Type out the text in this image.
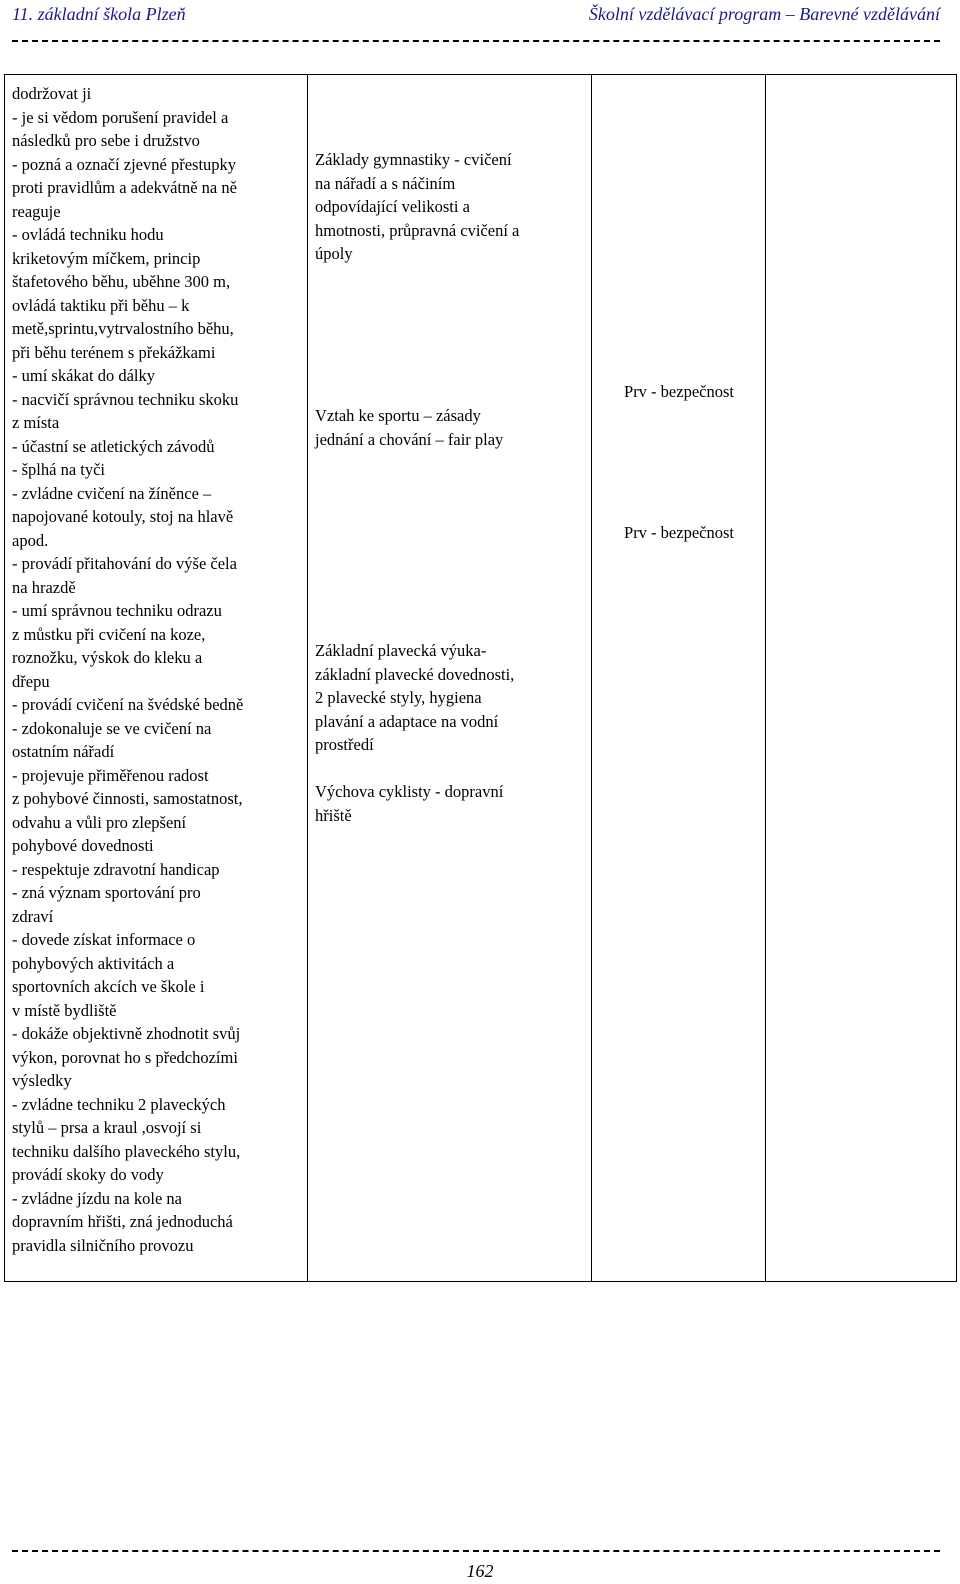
11. základní škola Plzeň	Školní vzdělávací program – Barevné vzdělávání
dodržovat ji
- je si vědom porušení pravidel a
následků pro sebe i družstvo
- pozná a označí zjevné přestupky
proti pravidlům a adekvátně na ně
reaguje
- ovládá techniku hodu
kriketovým míčkem, princip
štafetového běhu, uběhne 300 m,
ovládá taktiku při běhu – k
metě,sprintu,vytrvalostního běhu,
při běhu terénem s překážkami
- umí skákat do dálky
- nacvičí správnou techniku skoku
z místa
- účastní se atletických závodů
- šplhá na tyči
- zvládne cvičení na žíněnce –
napojované kotouly, stoj na hlavě
apod.
- provádí přitahování do výše čela
na hrazdě
- umí správnou techniku odrazu
z můstku při cvičení na koze,
roznožku, výskok do kleku a
dřepu
- provádí cvičení na švédské bedně
- zdokonaluje se ve cvičení na
ostatním nářadí
- projevuje přiměřenou radost
z pohybové činnosti, samostatnost,
odvahu a vůli pro zlepšení
pohybové dovednosti
- respektuje zdravotní handicap
- zná význam sportování pro
zdraví
- dovede získat informace o
pohybových aktivitách a
sportovních akcích ve škole i
v místě bydliště
- dokáže objektivně zhodnotit svůj
výkon, porovnat ho s předchozími
výsledky
- zvládne techniku 2 plaveckých
stylů – prsa a kraul ,osvojí si
techniku dalšího plaveckého stylu,
provádí skoky do vody
- zvládne jízdu na kole na
dopravním hřišti, zná jednoduchá
pravidla silničního provozu
Základy gymnastiky - cvičení
na nářadí a s náčiním
odpovídající velikosti a
hmotnosti, průpravná cvičení a
úpoly
Vztah ke sportu – zásady
jednání a chování – fair play
Základní plavecká výuka-
základní plavecké dovednosti,
2 plavecké styly, hygiena
plavání a adaptace na vodní
prostředí
Výchova cyklisty - dopravní
hřiště
Prv - bezpečnost
Prv - bezpečnost
162
